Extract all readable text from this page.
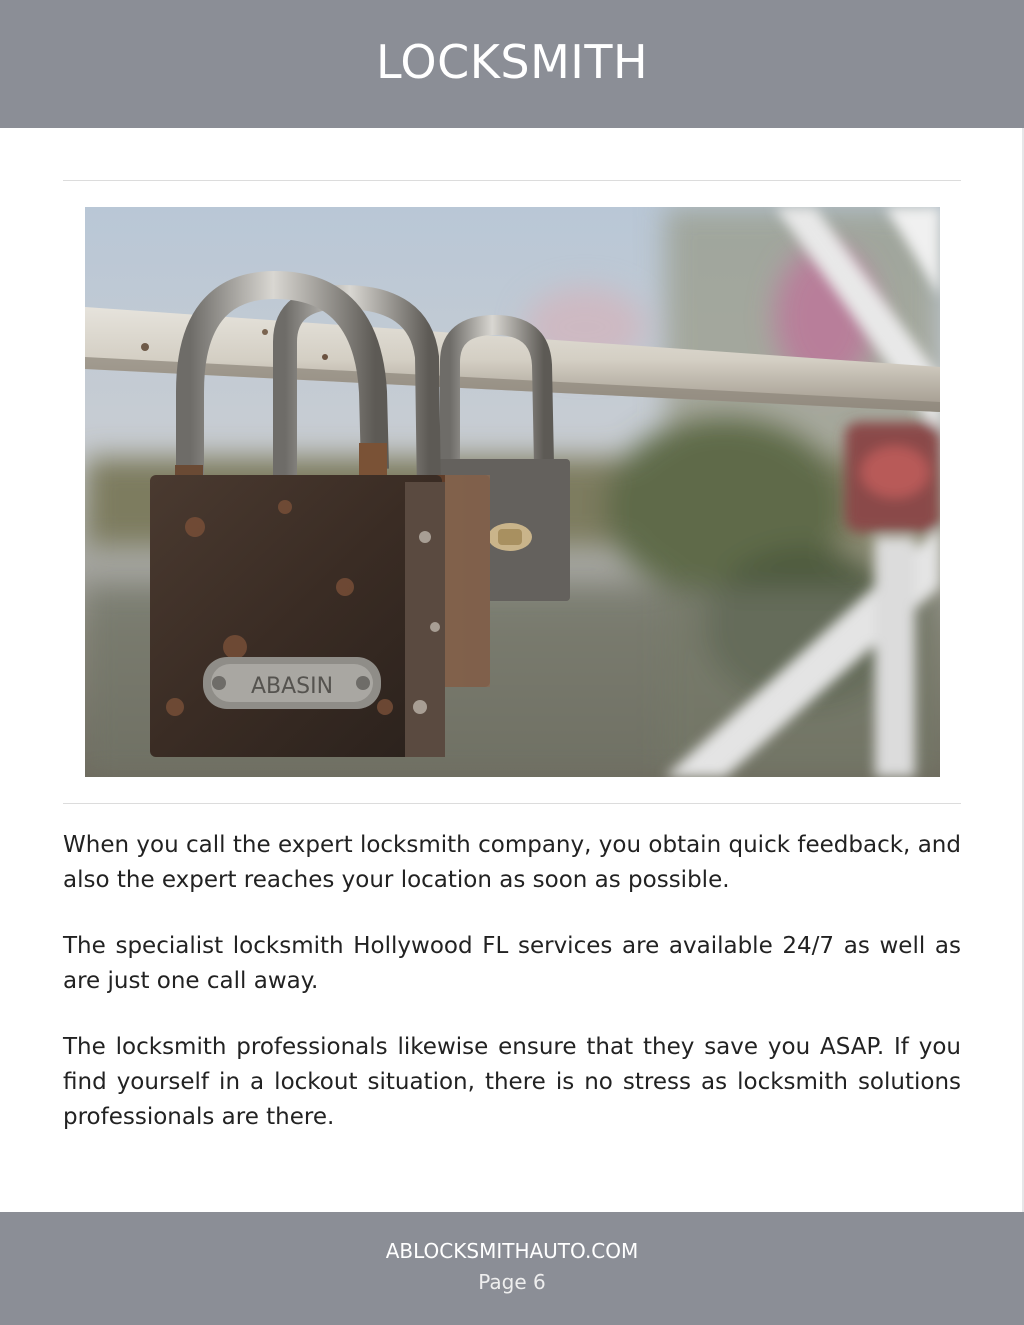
LOCKSMITH
ABASIN

When you call the expert locksmith company, you obtain quick feedback, and also the expert reaches your location as soon as possible.

The specialist locksmith Hollywood FL services are available 24/7 as well as are just one call away.

The locksmith professionals likewise ensure that they save you ASAP. If you find yourself in a lockout situation, there is no stress as locksmith solutions professionals are there.

ABLOCKSMITHAUTO.COM
Page 6
